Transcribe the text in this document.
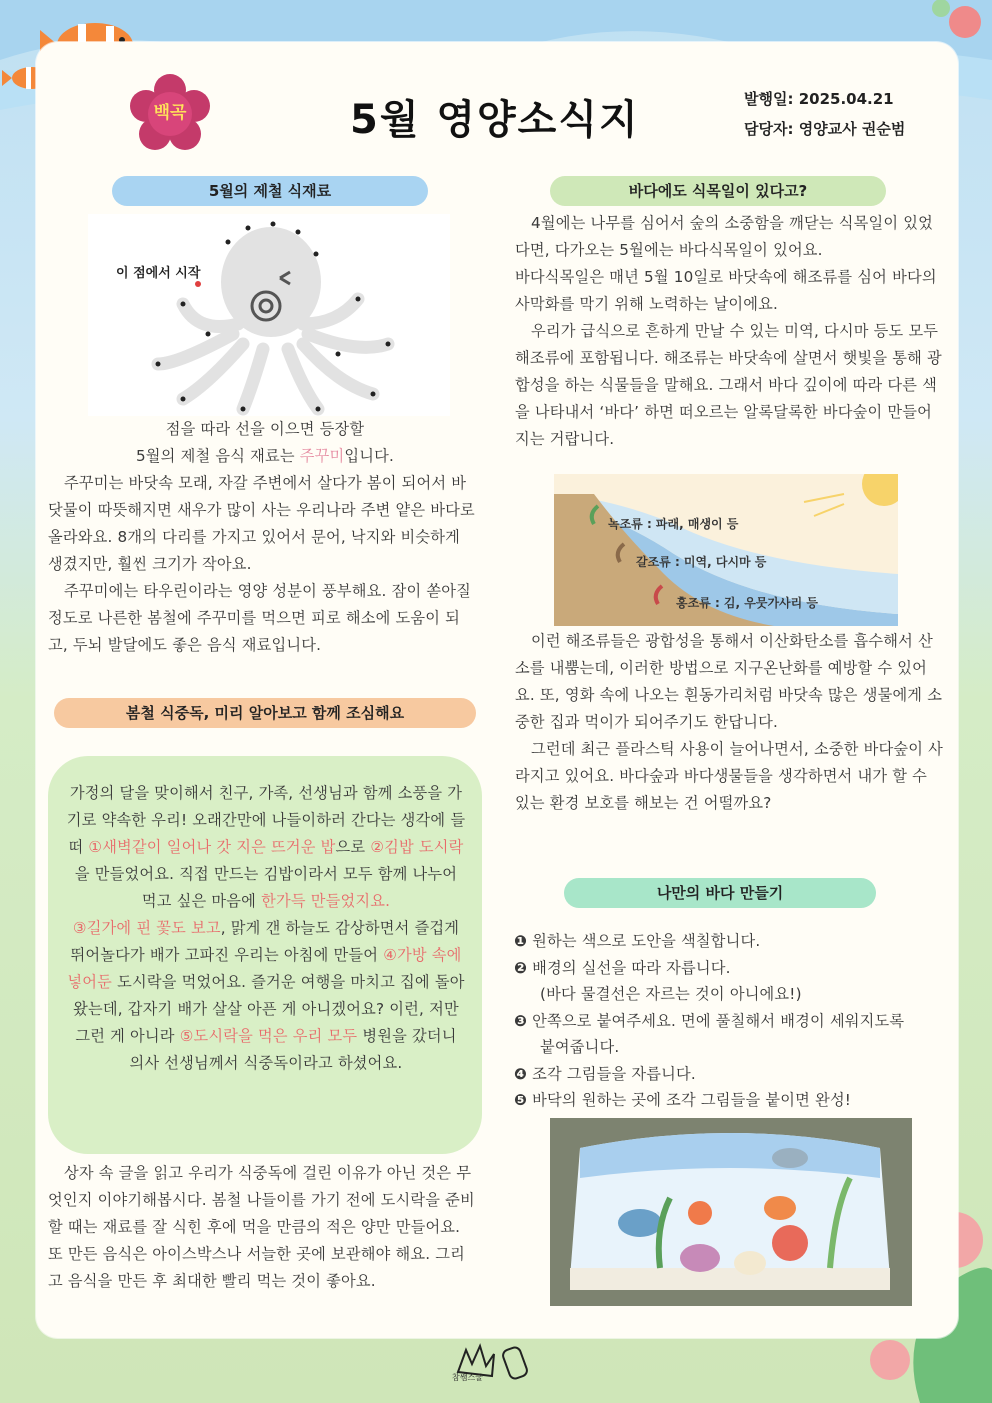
백곡	5월 영양소식지	발행일: 2025.04.21
담당자: 영양교사 권순범
5월의 제철 식재료
이 점에서 시작

점을 따라 선을 이으면 등장할

5월의 제철 음식 재료는 주꾸미입니다.

주꾸미는 바닷속 모래, 자갈 주변에서 살다가 봄이 되어서 바닷물이 따뜻해지면 새우가 많이 사는 우리나라 주변 얕은 바다로 올라와요. 8개의 다리를 가지고 있어서 문어, 낙지와 비슷하게 생겼지만, 훨씬 크기가 작아요.

주꾸미에는 타우린이라는 영양 성분이 풍부해요. 잠이 쏟아질 정도로 나른한 봄철에 주꾸미를 먹으면 피로 해소에 도움이 되고, 두뇌 발달에도 좋은 음식 재료입니다.

봄철 식중독, 미리 알아보고 함께 조심해요

가정의 달을 맞이해서 친구, 가족, 선생님과 함께 소풍을 가기로 약속한 우리! 오래간만에 나들이하러 간다는 생각에 들떠 ①새벽같이 일어나 갓 지은 뜨거운 밥으로 ②김밥 도시락을 만들었어요. 직접 만드는 김밥이라서 모두 함께 나누어 먹고 싶은 마음에 한가득 만들었지요.
③길가에 핀 꽃도 보고, 맑게 갠 하늘도 감상하면서 즐겁게 뛰어놀다가 배가 고파진 우리는 아침에 만들어 ④가방 속에 넣어둔 도시락을 먹었어요. 즐거운 여행을 마치고 집에 돌아왔는데, 갑자기 배가 살살 아픈 게 아니겠어요? 이런, 저만 그런 게 아니라 ⑤도시락을 먹은 우리 모두 병원을 갔더니 의사 선생님께서 식중독이라고 하셨어요.

상자 속 글을 읽고 우리가 식중독에 걸린 이유가 아닌 것은 무엇인지 이야기해봅시다. 봄철 나들이를 가기 전에 도시락을 준비할 때는 재료를 잘 식힌 후에 먹을 만큼의 적은 양만 만들어요. 또 만든 음식은 아이스박스나 서늘한 곳에 보관해야 해요. 그리고 음식을 만든 후 최대한 빨리 먹는 것이 좋아요.

바다에도 식목일이 있다고?

4월에는 나무를 심어서 숲의 소중함을 깨닫는 식목일이 있었다면, 다가오는 5월에는 바다식목일이 있어요.

바다식목일은 매년 5월 10일로 바닷속에 해조류를 심어 바다의 사막화를 막기 위해 노력하는 날이에요.

우리가 급식으로 흔하게 만날 수 있는 미역, 다시마 등도 모두 해조류에 포함됩니다. 해조류는 바닷속에 살면서 햇빛을 통해 광합성을 하는 식물들을 말해요. 그래서 바다 깊이에 따라 다른 색을 나타내서 ‘바다’ 하면 떠오르는 알록달록한 바다숲이 만들어지는 거랍니다.

녹조류 : 파래, 매생이 등
갈조류 : 미역, 다시마 등
홍조류 : 김, 우뭇가사리 등

이런 해조류들은 광합성을 통해서 이산화탄소를 흡수해서 산소를 내뿜는데, 이러한 방법으로 지구온난화를 예방할 수 있어요. 또, 영화 속에 나오는 흰동가리처럼 바닷속 많은 생물에게 소중한 집과 먹이가 되어주기도 한답니다.

그런데 최근 플라스틱 사용이 늘어나면서, 소중한 바다숲이 사라지고 있어요. 바다숲과 바다생물들을 생각하면서 내가 할 수 있는 환경 보호를 해보는 건 어떨까요?

나만의 바다 만들기
❶ 원하는 색으로 도안을 색칠합니다.
❷ 배경의 실선을 따라 자릅니다.
(바다 물결선은 자르는 것이 아니에요!)
❸ 안쪽으로 붙여주세요. 면에 풀칠해서 배경이 세워지도록
붙여줍니다.
❹ 조각 그림들을 자릅니다.
❺ 바닥의 원하는 곳에 조각 그림들을 붙이면 완성!
참쌤스쿨
